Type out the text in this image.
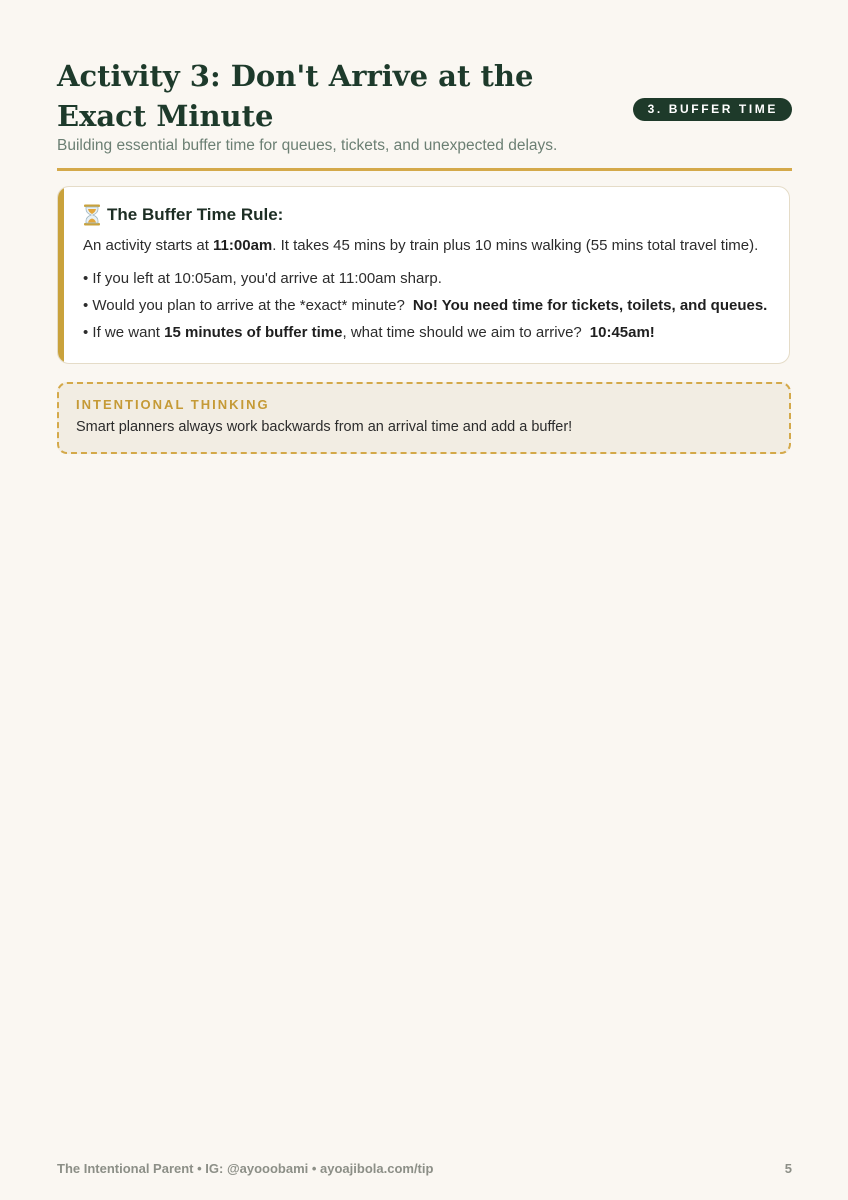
Activity 3: Don't Arrive at the Exact Minute	3. BUFFER TIME

Building essential buffer time for queues, tickets, and unexpected delays.

The Buffer Time Rule:
An activity starts at 11:00am. It takes 45 mins by train plus 10 mins walking (55 mins total travel time).
• If you left at 10:05am, you'd arrive at 11:00am sharp.
• Would you plan to arrive at the *exact* minute? No! You need time for tickets, toilets, and queues.
• If we want 15 minutes of buffer time, what time should we aim to arrive? 10:45am!
INTENTIONAL THINKING
Smart planners always work backwards from an arrival time and add a buffer!
The Intentional Parent • IG: @ayooobami • ayoajibola.com/tip	5
